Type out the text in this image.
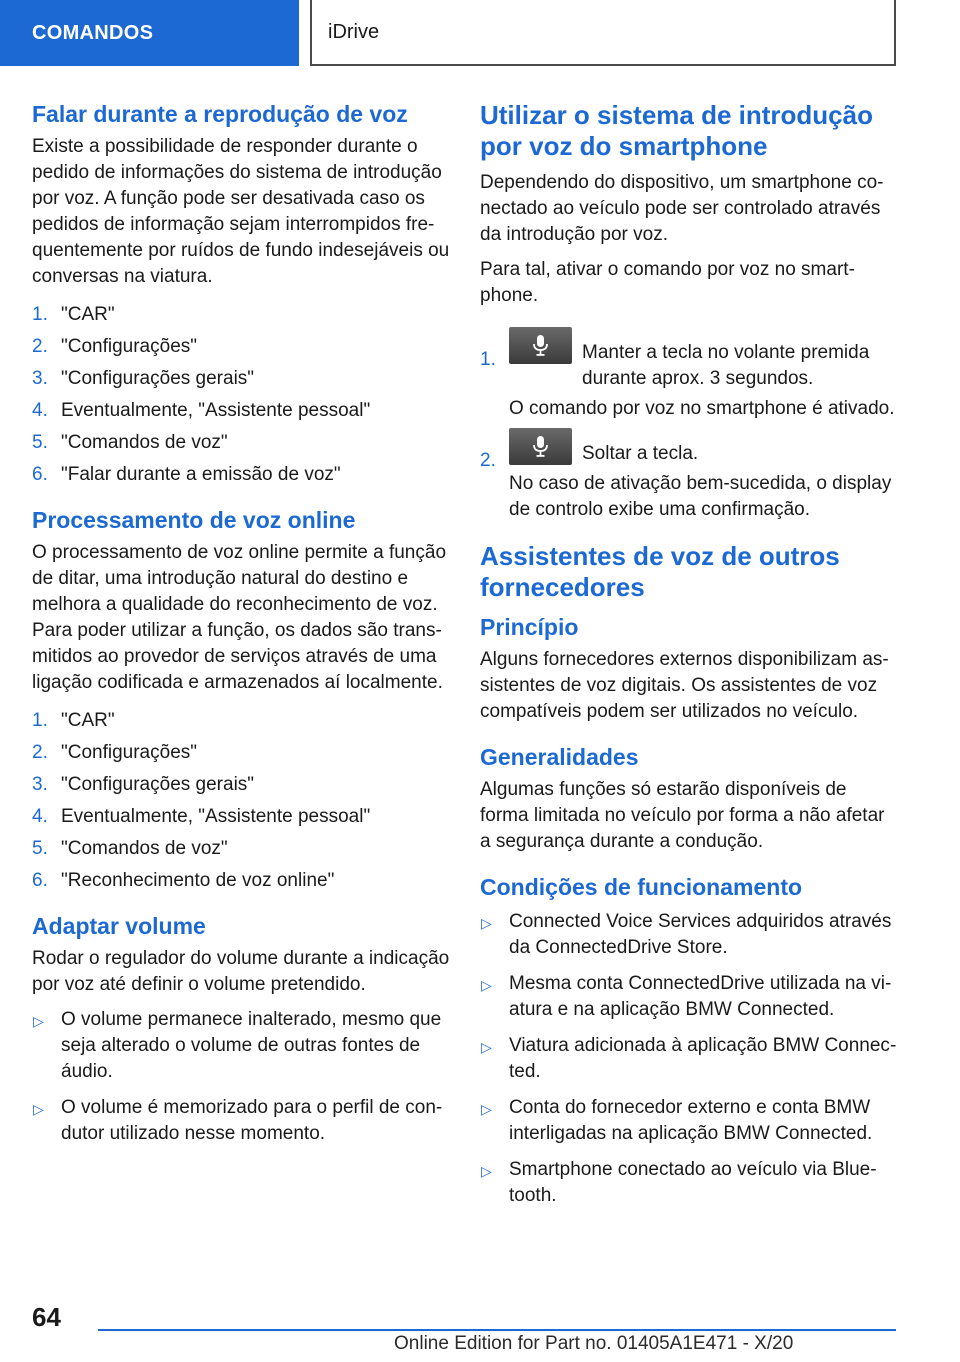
COMANDOS	iDrive
Falar durante a reprodução de voz

Existe a possibilidade de responder durante o pedido de informações do sistema de introdução por voz. A função pode ser desativada caso os pedidos de informação sejam interrompidos frequentemente por ruídos de fundo indesejáveis ou conversas na viatura.

1. "CAR"
2. "Configurações"
3. "Configurações gerais"
4. Eventualmente, "Assistente pessoal"
5. "Comandos de voz"
6. "Falar durante a emissão de voz"
Processamento de voz online

O processamento de voz online permite a função de ditar, uma introdução natural do destino e melhora a qualidade do reconhecimento de voz. Para poder utilizar a função, os dados são transmitidos ao provedor de serviços através de uma ligação codificada e armazenados aí localmente.

1. "CAR"
2. "Configurações"
3. "Configurações gerais"
4. Eventualmente, "Assistente pessoal"
5. "Comandos de voz"
6. "Reconhecimento de voz online"
Adaptar volume

Rodar o regulador do volume durante a indicação por voz até definir o volume pretendido.

▷ O volume permanece inalterado, mesmo que seja alterado o volume de outras fontes de áudio.
▷ O volume é memorizado para o perfil de condutor utilizado nesse momento.
Utilizar o sistema de introdução por voz do smartphone

Dependendo do dispositivo, um smartphone conectado ao veículo pode ser controlado através da introdução por voz.

Para tal, ativar o comando por voz no smartphone.

1.	Manter a tecla no volante premida durante aprox. 3 segundos.
O comando por voz no smartphone é ativado.
2.	Soltar a tecla.
No caso de ativação bem-sucedida, o display de controlo exibe uma confirmação.
Assistentes de voz de outros fornecedores
Princípio

Alguns fornecedores externos disponibilizam assistentes de voz digitais. Os assistentes de voz compatíveis podem ser utilizados no veículo.

Generalidades

Algumas funções só estarão disponíveis de forma limitada no veículo por forma a não afetar a segurança durante a condução.

Condições de funcionamento
▷ Connected Voice Services adquiridos através da ConnectedDrive Store.
▷ Mesma conta ConnectedDrive utilizada na viatura e na aplicação BMW Connected.
▷ Viatura adicionada à aplicação BMW Connected.
▷ Conta do fornecedor externo e conta BMW interligadas na aplicação BMW Connected.
▷ Smartphone conectado ao veículo via Bluetooth.
64
Online Edition for Part no. 01405A1E471 - X/20
